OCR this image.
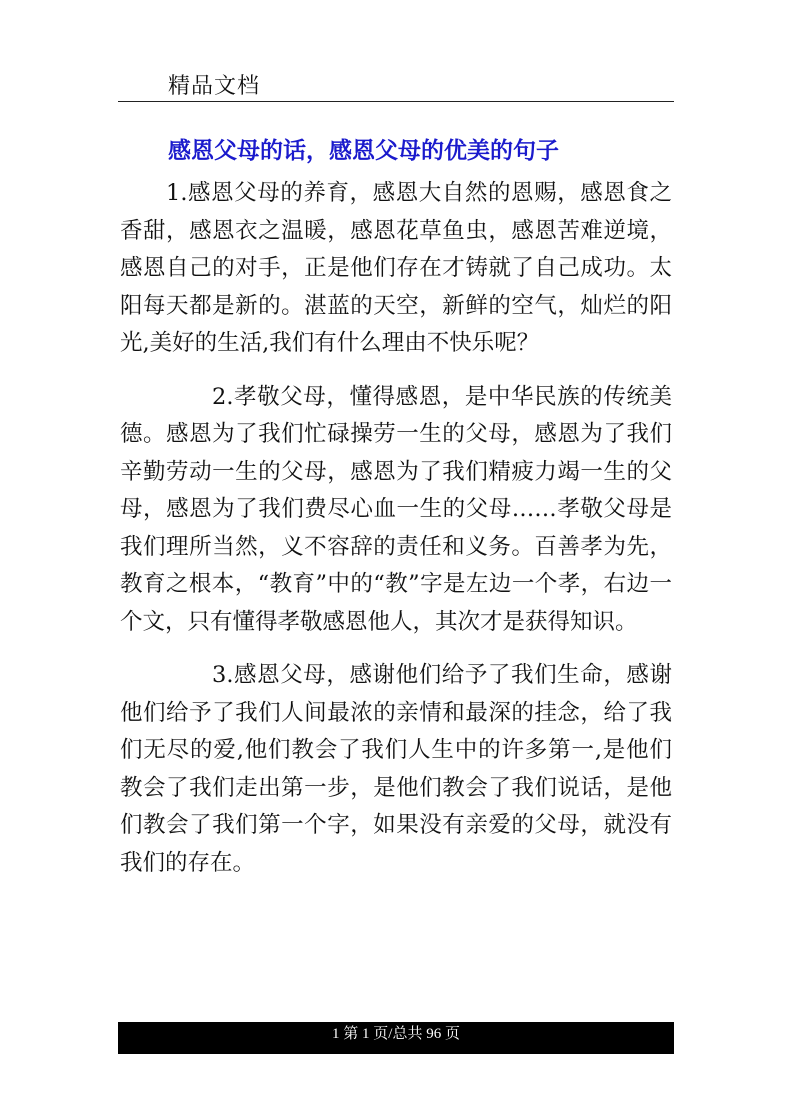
精品文档
感恩父母的话，感恩父母的优美的句子

1.感恩父母的养育，感恩大自然的恩赐，感恩食之香甜，感恩衣之温暖，感恩花草鱼虫，感恩苦难逆境，感恩自己的对手，正是他们存在才铸就了自己成功。太阳每天都是新的。湛蓝的天空，新鲜的空气，灿烂的阳光,美好的生活,我们有什么理由不快乐呢？

2.孝敬父母，懂得感恩，是中华民族的传统美德。感恩为了我们忙碌操劳一生的父母，感恩为了我们辛勤劳动一生的父母，感恩为了我们精疲力竭一生的父母，感恩为了我们费尽心血一生的父母……孝敬父母是我们理所当然，义不容辞的责任和义务。百善孝为先，教育之根本，“教育”中的“教”字是左边一个孝，右边一个文，只有懂得孝敬感恩他人，其次才是获得知识。

3.感恩父母，感谢他们给予了我们生命，感谢他们给予了我们人间最浓的亲情和最深的挂念，给了我们无尽的爱,他们教会了我们人生中的许多第一,是他们教会了我们走出第一步，是他们教会了我们说话，是他们教会了我们第一个字，如果没有亲爱的父母，就没有我们的存在。

1 第 1 页/总共 96 页
